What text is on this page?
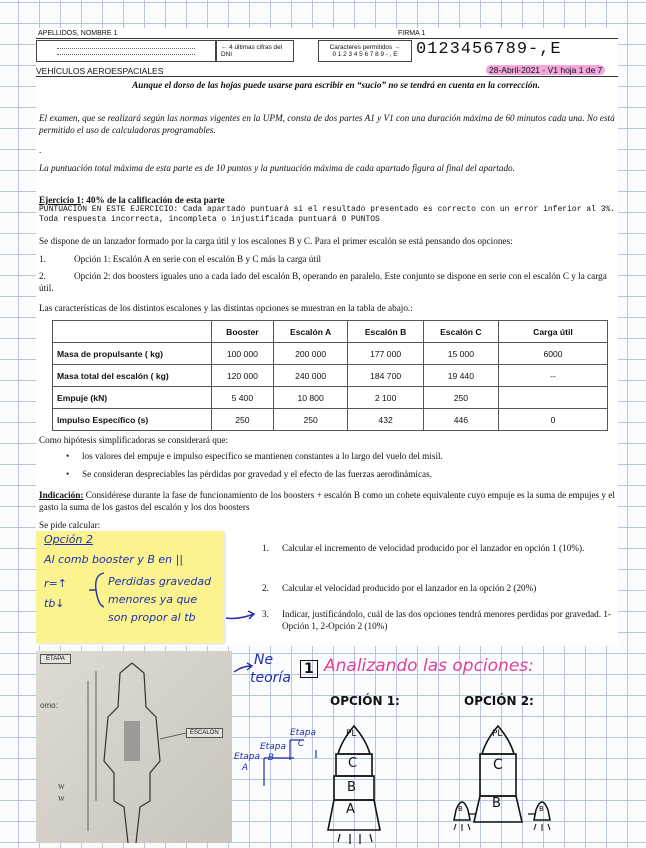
APELLIDOS, NOMBRE 1	FIRMA 1
← 4 últimas cifras del DNI
Caracteres permitidos →
0 1 2 3 4 5 6 7 8 9 - , E	0123456789-,E
VEHÍCULOS AEROESPACIALES	28-Abril-2021 - V1 hoja 1 de 7
Aunque el dorso de las hojas puede usarse para escribir en “sucio” no se tendrá en cuenta en la corrección.
El examen, que se realizará según las normas vigentes en la UPM, consta de dos partes A1 y V1 con una duración máxima de 60 minutos cada una. No está permitido el uso de calculadoras programables.
.
La puntuación total máxima de esta parte es de 10 puntos y la puntuación máxima de cada apartado figura al final del apartado.
Ejercicio 1: 40% de la calificación de esta parte
PUNTUACIÓN EN ESTE EJERCICIO: Cada apartado puntuará si el resultado presentado es correcto con un error inferior al 3%. Toda respuesta incorrecta, incompleta o injustificada puntuará 0 PUNTOS
Se dispone de un lanzador formado por la carga útil y los escalones B y C. Para el primer escalón se está pensando dos opciones:
1.	Opción 1: Escalón A en serie con el escalón B y C más la carga útil
2.	Opción 2: dos boosters iguales uno a cada lado del escalón B, operando en paralelo. Este conjunto se dispone en serie con el escalón C y la carga útil.
Las características de los distintos escalones y las distintas opciones se muestran en la tabla de abajo.:
	Booster	Escalón A	Escalón B	Escalón C	Carga útil
Masa de propulsante ( kg)	100 000	200 000	177 000	15 000	6000
Masa total del escalón ( kg)	120 000	240 000	184 700	19 440	--
Empuje (kN)	5 400	10 800	2 100	250	
Impulso Específico (s)	250	250	432	446	0
Como hipótesis simplificadoras se considerará que:
• los valores del empuje e impulso específico se mantienen constantes a lo largo del vuelo del misil.
• Se consideran despreciables las pérdidas por gravedad y el efecto de las fuerzas aerodinámicas.
Indicación: Considérese durante la fase de funcionamiento de los boosters + escalón B como un cohete equivalente cuyo empuje es la suma de empujes y el gasto la suma de los gastos del escalón y los dos boosters
Se pide calcular:
1. Calcular el incremento de velocidad producido por el lanzador en opción 1 (10%).
2. Calcular el velocidad producido por el lanzador en la opción 2 (20%)
3. Indicar, justificándolo, cuál de las dos opciones tendrá menores perdidas por gravedad. 1- Opción 1, 2-Opción 2 (10%)
Opción 2
Al comb booster y B en ||
r=↑	Perdidas gravedad
tb↓	menores ya que
son propor al tb
ETAPA
omo:
ESCALON
W
W
Ne
teoría
1 Analizando las opciones:
OPCIÓN 1:	OPCIÓN 2:
Etapa A
Etapa B
Etapa C
PL
C
B
A
PL
C
B
B	B
